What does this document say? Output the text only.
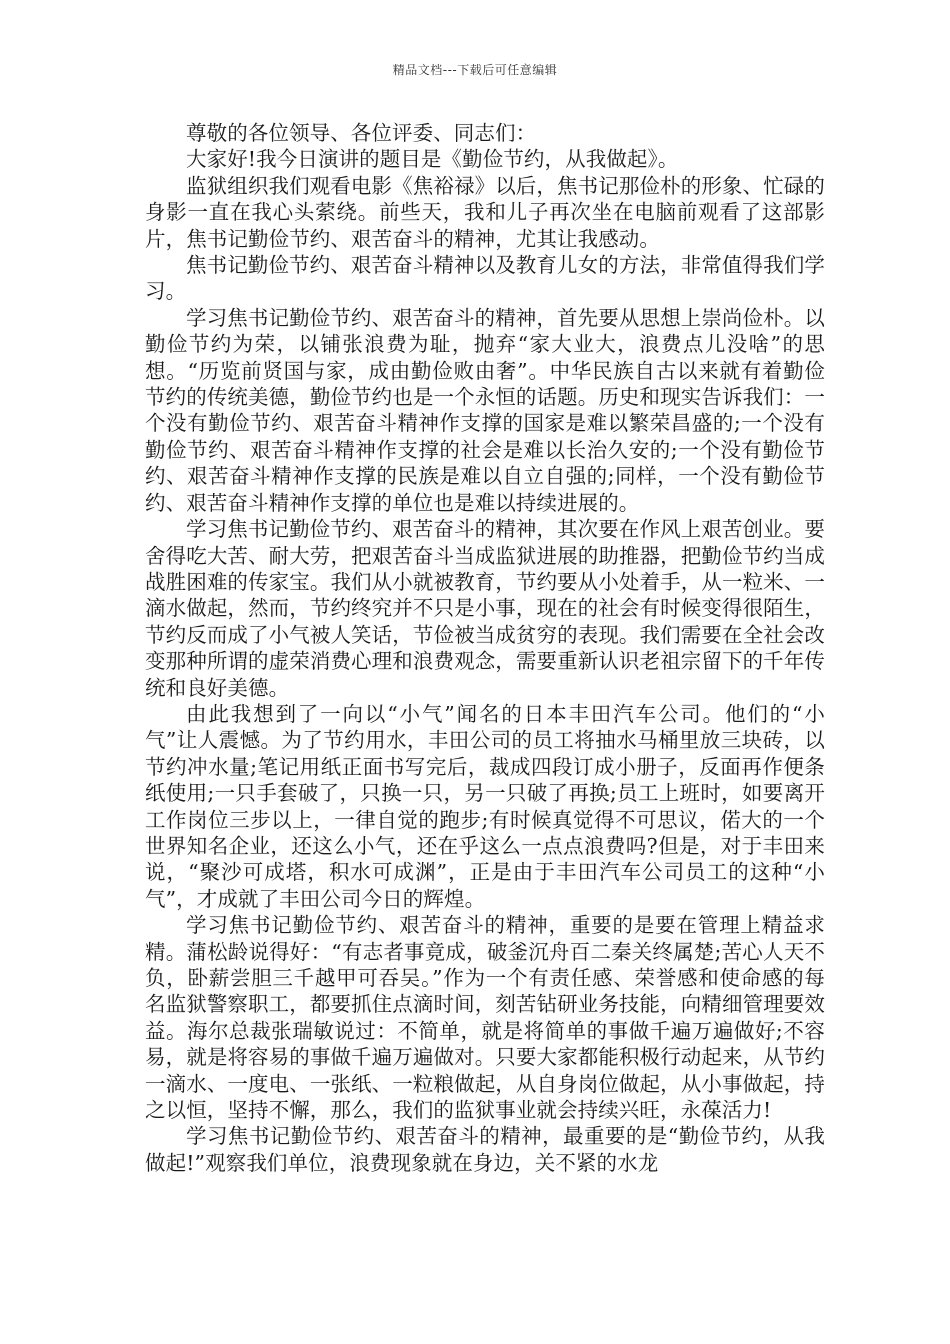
精品文档---下载后可任意编辑

尊敬的各位领导、各位评委、同志们：

大家好!我今日演讲的题目是《勤俭节约，从我做起》。

监狱组织我们观看电影《焦裕禄》以后，焦书记那俭朴的形象、忙碌的身影一直在我心头萦绕。前些天，我和儿子再次坐在电脑前观看了这部影片，焦书记勤俭节约、艰苦奋斗的精神，尤其让我感动。

焦书记勤俭节约、艰苦奋斗精神以及教育儿女的方法，非常值得我们学习。

学习焦书记勤俭节约、艰苦奋斗的精神，首先要从思想上崇尚俭朴。以勤俭节约为荣，以铺张浪费为耻，抛弃“家大业大，浪费点儿没啥”的思想。“历览前贤国与家，成由勤俭败由奢”。中华民族自古以来就有着勤俭节约的传统美德，勤俭节约也是一个永恒的话题。历史和现实告诉我们：一个没有勤俭节约、艰苦奋斗精神作支撑的国家是难以繁荣昌盛的;一个没有勤俭节约、艰苦奋斗精神作支撑的社会是难以长治久安的;一个没有勤俭节约、艰苦奋斗精神作支撑的民族是难以自立自强的;同样，一个没有勤俭节约、艰苦奋斗精神作支撑的单位也是难以持续进展的。

学习焦书记勤俭节约、艰苦奋斗的精神，其次要在作风上艰苦创业。要舍得吃大苦、耐大劳，把艰苦奋斗当成监狱进展的助推器，把勤俭节约当成战胜困难的传家宝。我们从小就被教育，节约要从小处着手，从一粒米、一滴水做起，然而，节约终究并不只是小事，现在的社会有时候变得很陌生，节约反而成了小气被人笑话，节俭被当成贫穷的表现。我们需要在全社会改变那种所谓的虚荣消费心理和浪费观念，需要重新认识老祖宗留下的千年传统和良好美德。

由此我想到了一向以“小气”闻名的日本丰田汽车公司。他们的“小气”让人震憾。为了节约用水，丰田公司的员工将抽水马桶里放三块砖，以节约冲水量;笔记用纸正面书写完后，裁成四段订成小册子，反面再作便条纸使用;一只手套破了，只换一只，另一只破了再换;员工上班时，如要离开工作岗位三步以上，一律自觉的跑步;有时候真觉得不可思议，偌大的一个世界知名企业，还这么小气，还在乎这么一点点浪费吗?但是，对于丰田来说，“聚沙可成塔，积水可成渊”，正是由于丰田汽车公司员工的这种“小气”，才成就了丰田公司今日的辉煌。

学习焦书记勤俭节约、艰苦奋斗的精神，重要的是要在管理上精益求精。蒲松龄说得好：“有志者事竟成，破釜沉舟百二秦关终属楚;苦心人天不负，卧薪尝胆三千越甲可吞吴。”作为一个有责任感、荣誉感和使命感的每名监狱警察职工，都要抓住点滴时间，刻苦钻研业务技能，向精细管理要效益。海尔总裁张瑞敏说过：不简单，就是将简单的事做千遍万遍做好;不容易，就是将容易的事做千遍万遍做对。只要大家都能积极行动起来，从节约一滴水、一度电、一张纸、一粒粮做起，从自身岗位做起，从小事做起，持之以恒，坚持不懈，那么，我们的监狱事业就会持续兴旺，永葆活力!

学习焦书记勤俭节约、艰苦奋斗的精神，最重要的是“勤俭节约，从我做起!”观察我们单位，浪费现象就在身边，关不紧的水龙
